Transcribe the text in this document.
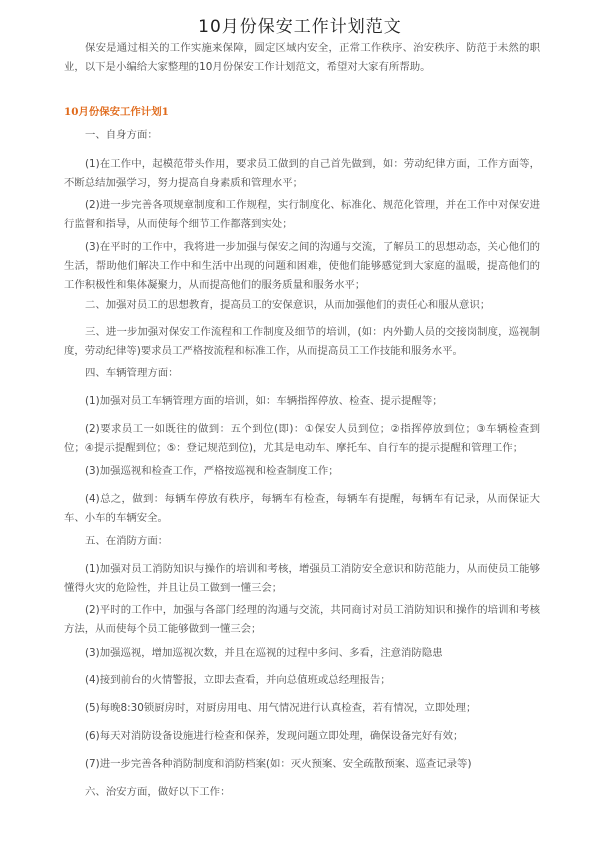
10月份保安工作计划范文

保安是通过相关的工作实施来保障，圆定区域内安全，正常工作秩序、治安秩序、防范于未然的职业，以下是小编给大家整理的10月份保安工作计划范文，希望对大家有所帮助。

10月份保安工作计划1

一、自身方面：

(1)在工作中，起模范带头作用，要求员工做到的自己首先做到，如：劳动纪律方面，工作方面等，不断总结加强学习，努力提高自身素质和管理水平；

(2)进一步完善各项规章制度和工作规程，实行制度化、标准化、规范化管理，并在工作中对保安进行监督和指导，从而使每个细节工作都落到实处；

(3)在平时的工作中，我将进一步加强与保安之间的沟通与交流，了解员工的思想动态，关心他们的生活，帮助他们解决工作中和生活中出现的问题和困难，使他们能够感觉到大家庭的温暖，提高他们的工作积极性和集体凝聚力，从而提高他们的服务质量和服务水平；

二、加强对员工的思想教育，提高员工的安保意识，从而加强他们的责任心和服从意识；

三、进一步加强对保安工作流程和工作制度及细节的培训，(如：内外勤人员的交接岗制度，巡视制度，劳动纪律等)要求员工严格按流程和标准工作，从而提高员工工作技能和服务水平。

四、车辆管理方面：

(1)加强对员工车辆管理方面的培训，如：车辆指挥停放、检查、提示提醒等；

(2)要求员工一如既往的做到：五个到位(即)：①保安人员到位；②指挥停放到位；③车辆检查到位；④提示提醒到位；⑤：登记规范到位)，尤其是电动车、摩托车、自行车的提示提醒和管理工作；

(3)加强巡视和检查工作，严格按巡视和检查制度工作；

(4)总之，做到：每辆车停放有秩序，每辆车有检查，每辆车有提醒，每辆车有记录，从而保证大车、小车的车辆安全。

五、在消防方面：

(1)加强对员工消防知识与操作的培训和考核，增强员工消防安全意识和防范能力，从而使员工能够懂得火灾的危险性，并且让员工做到一懂三会；

(2)平时的工作中，加强与各部门经理的沟通与交流，共同商讨对员工消防知识和操作的培训和考核方法，从而使每个员工能够做到一懂三会；

(3)加强巡视，增加巡视次数，并且在巡视的过程中多问、多看，注意消防隐患

(4)接到前台的火情警报，立即去查看，并向总值班或总经理报告；

(5)每晚8:30锁厨房时，对厨房用电、用气情况进行认真检查，若有情况，立即处理；

(6)每天对消防设备设施进行检查和保养，发现问题立即处理，确保设备完好有效；

(7)进一步完善各种消防制度和消防档案(如：灭火预案、安全疏散预案、巡查记录等)

六、治安方面，做好以下工作：
